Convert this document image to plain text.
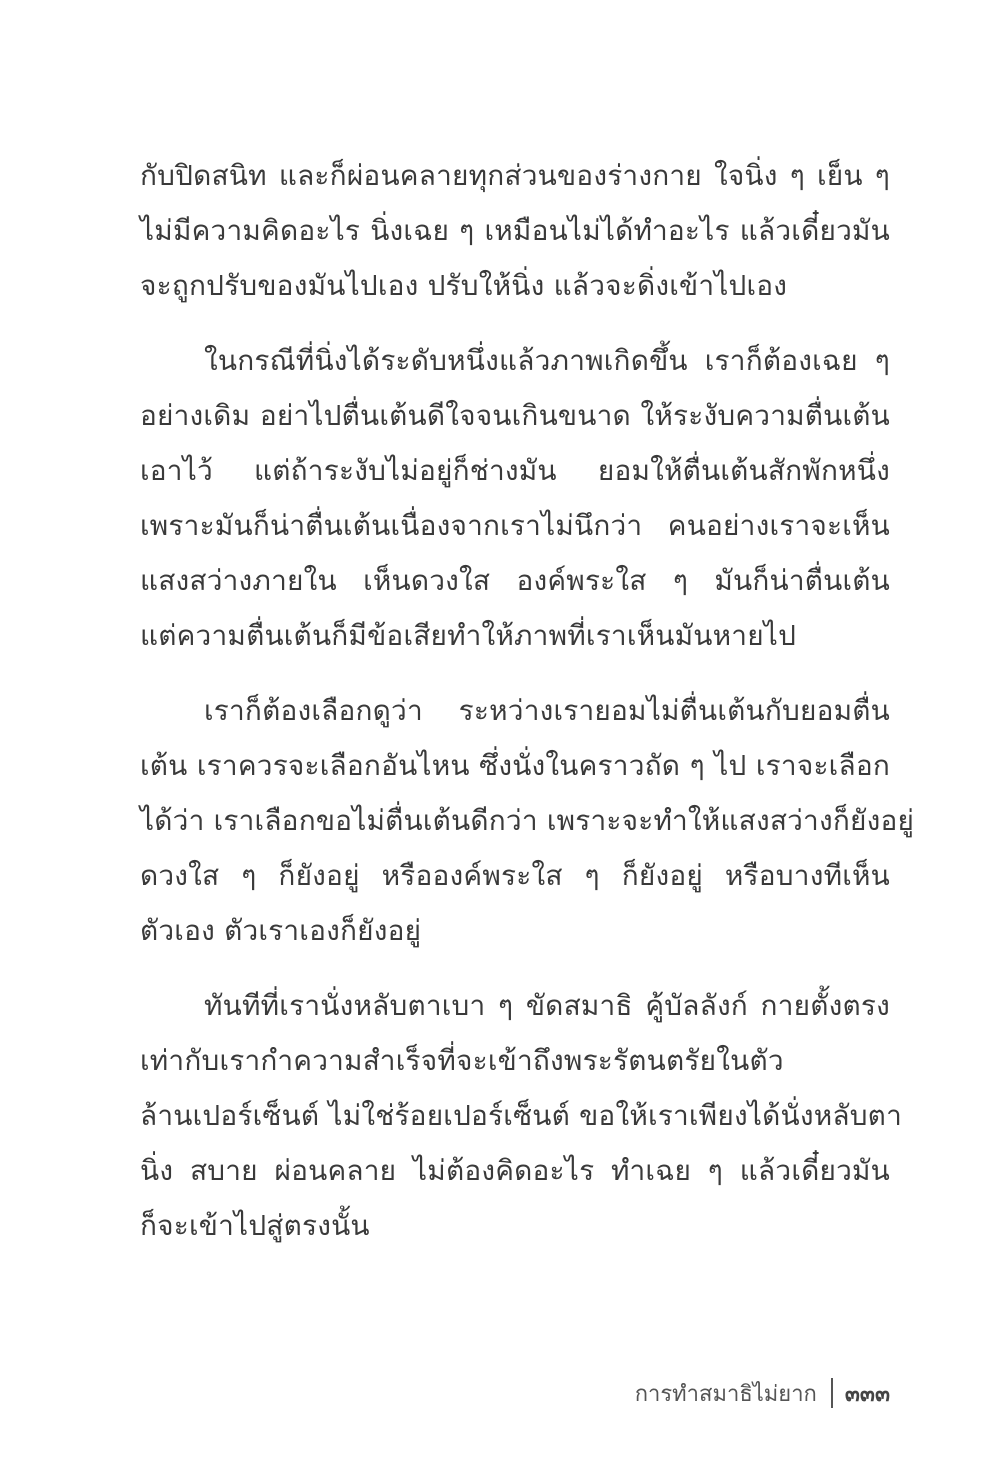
กับปิดสนิท และก็ผ่อนคลายทุกส่วนของร่างกาย ใจนิ่ง ๆ เย็น ๆ
ไม่มีความคิดอะไร นิ่งเฉย ๆ เหมือนไม่ได้ทำอะไร แล้วเดี๋ยวมัน
จะถูกปรับของมันไปเอง ปรับให้นิ่ง แล้วจะดิ่งเข้าไปเอง
ในกรณีที่นิ่งได้ระดับหนึ่งแล้วภาพเกิดขึ้น เราก็ต้องเฉย ๆ
อย่างเดิม อย่าไปตื่นเต้นดีใจจนเกินขนาด ให้ระงับความตื่นเต้น
เอาไว้ แต่ถ้าระงับไม่อยู่ก็ช่างมัน ยอมให้ตื่นเต้นสักพักหนึ่ง
เพราะมันก็น่าตื่นเต้นเนื่องจากเราไม่นึกว่า คนอย่างเราจะเห็น
แสงสว่างภายใน เห็นดวงใส องค์พระใส ๆ มันก็น่าตื่นเต้น
แต่ความตื่นเต้นก็มีข้อเสียทำให้ภาพที่เราเห็นมันหายไป
เราก็ต้องเลือกดูว่า ระหว่างเรายอมไม่ตื่นเต้นกับยอมตื่น
เต้น เราควรจะเลือกอันไหน ซึ่งนั่งในคราวถัด ๆ ไป เราจะเลือก
ได้ว่า เราเลือกขอไม่ตื่นเต้นดีกว่า เพราะจะทำให้แสงสว่างก็ยังอยู่
ดวงใส ๆ ก็ยังอยู่ หรือองค์พระใส ๆ ก็ยังอยู่ หรือบางทีเห็น
ตัวเอง ตัวเราเองก็ยังอยู่
ทันทีที่เรานั่งหลับตาเบา ๆ ขัดสมาธิ คู้บัลลังก์ กายตั้งตรง
เท่ากับเรากำความสำเร็จที่จะเข้าถึงพระรัตนตรัยในตัว
ล้านเปอร์เซ็นต์ ไม่ใช่ร้อยเปอร์เซ็นต์ ขอให้เราเพียงได้นั่งหลับตา
นิ่ง สบาย ผ่อนคลาย ไม่ต้องคิดอะไร ทำเฉย ๆ แล้วเดี๋ยวมัน
ก็จะเข้าไปสู่ตรงนั้น
การทำสมาธิไม่ยาก ๓๓๓
